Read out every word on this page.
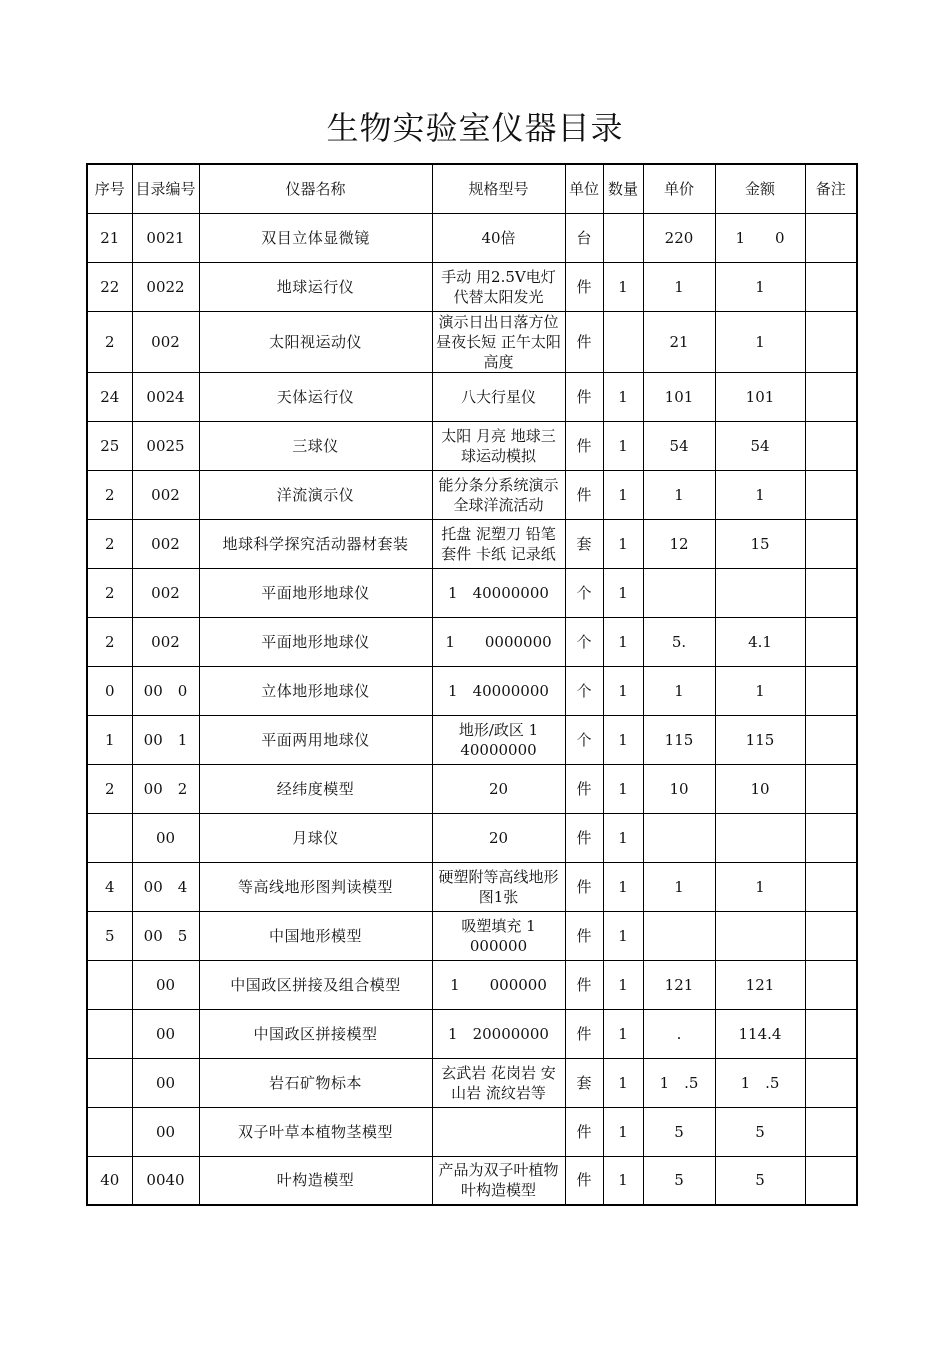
生物实验室仪器目录
序号	目录编号	仪器名称	规格型号	单位	数量	单价	金额	备注
21	0021	双目立体显微镜	40倍	台		220	1　　0	
22	0022	地球运行仪	手动 用2.5V电灯代替太阳发光	件	1	1	1	
2	002	太阳视运动仪	演示日出日落方位 昼夜长短 正午太阳高度	件		21	1	
24	0024	天体运行仪	八大行星仪	件	1	101	101	
25	0025	三球仪	太阳 月亮 地球三球运动模拟	件	1	54	54	
2	002	洋流演示仪	能分条分系统演示全球洋流活动	件	1	1	1	
2	002	地球科学探究活动器材套装	托盘 泥塑刀 铅笔 套件 卡纸 记录纸	套	1	12	15	
2	002	平面地形地球仪	1　40000000	个	1			
2	002	平面地形地球仪	1　　0000000	个	1	5.	4.1	
0	00　0	立体地形地球仪	1　40000000	个	1	1	1	
1	00　1	平面两用地球仪	地形/政区 1　40000000	个	1	115	115	
2	00　2	经纬度模型	20	件	1	10	10	
	00	月球仪	20	件	1			
4	00　4	等高线地形图判读模型	硬塑附等高线地形图1张	件	1	1	1	
5	00　5	中国地形模型	吸塑填充 1　　000000	件	1			
	00	中国政区拼接及组合模型	1　　000000	件	1	121	121	
	00	中国政区拼接模型	1　20000000	件	1	.	114.4	
	00	岩石矿物标本	玄武岩 花岗岩 安山岩 流纹岩等	套	1	1　.5	1　.5	
	00	双子叶草本植物茎模型		件	1	5	5	
40	0040	叶构造模型	产品为双子叶植物叶构造模型	件	1	5	5	
